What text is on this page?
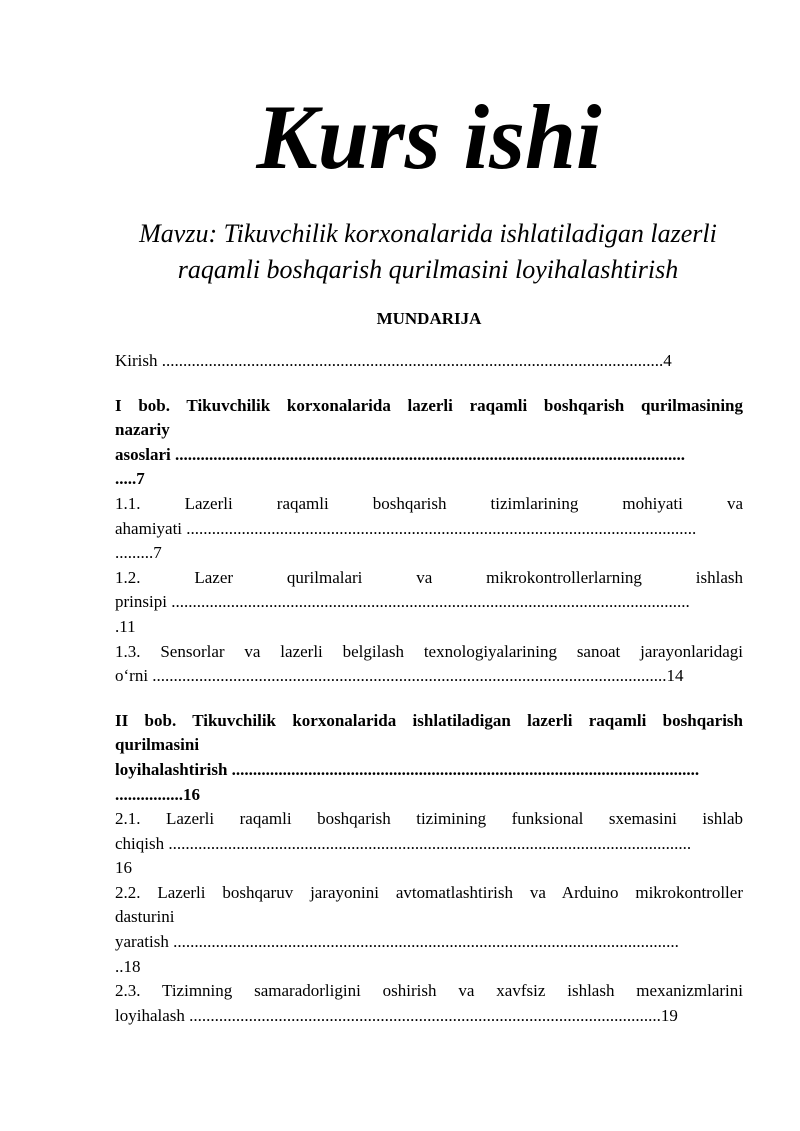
Kurs ishi

Mavzu: Tikuvchilik korxonalarida ishlatiladigan lazerli raqamli boshqarish qurilmasini loyihalashtirish

MUNDARIJA

Kirish ......................................................................................................................4

I bob. Tikuvchilik korxonalarida lazerli raqamli boshqarish qurilmasining

nazariy

asoslari ........................................................................................................................

.....7

1.1. Lazerli raqamli boshqarish tizimlarining mohiyati va

ahamiyati ........................................................................................................................

.........7

1.2. Lazer qurilmalari va mikrokontrollerlarning ishlash

prinsipi ..........................................................................................................................

.11

1.3. Sensorlar va lazerli belgilash texnologiyalarining sanoat jarayonlaridagi

o‘rni .........................................................................................................................14

II bob. Tikuvchilik korxonalarida ishlatiladigan lazerli raqamli boshqarish

qurilmasini

loyihalashtirish ..............................................................................................................

................16

2.1. Lazerli raqamli boshqarish tizimining funksional sxemasini ishlab

chiqish ...........................................................................................................................

16

2.2. Lazerli boshqaruv jarayonini avtomatlashtirish va Arduino mikrokontroller

dasturini

yaratish .......................................................................................................................

..18

2.3. Tizimning samaradorligini oshirish va xavfsiz ishlash mexanizmlarini

loyihalash ...............................................................................................................19
